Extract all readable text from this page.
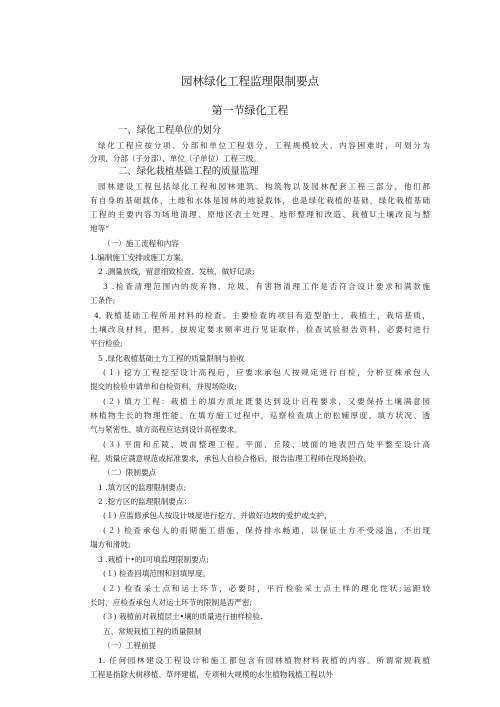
园林绿化工程监理限制要点
第一节绿化工程
一、绿化工程单位的划分
绿化工程应按分项、分部和单位工程划分，工程规模较大、内容困难时，可划分为
分项、分部（子分部）、单位（子单位）工程三级。
二、绿化栽植基础工程的质量监理
园林建设工程包括绿化工程和园林建筑、构筑物以及园林配套工程三部分，他们都
有自身的基础载体，土地和水体是园林的地貌载体，也是绿化栽植的基础，绿化栽植基础
工程的主要内容为场地清理、原地区表土处理、地形整理和改造、栽植U土壤改良与整
地等“
（一）施工流程和内容
1.编制施工安排或施工方案。
2 .测量放线，留意细致检查、发核，做好记录;
3 .检查清理范围内的废弃物、垃圾、有害物清理工作是否符合设计要求和满款施
工条件;
4, 栽植基础工程所用材料的检查。主要检查的项目有造型胎土，栽植土，栽培基质，
土壤改良材料，肥料，按规定要求频率进行见证取样，检查试验报告资料，必要时进行
平行检验;
5 .绿化栽植基础土方工程的质量限制与验收
(１) 挖方工程挖至设计高程后，应要求承包人按规定进行自检，分析豆株承包人
提交的检验申请单和自检资料，并现场险收;
(２) 填方工程：栽植土的填方质址既要达到设计启程要求，又要保持土壤满意园
林植物生长的物理性能。在填方施工过程中，巡察检查填上的松辅厚度、填方状况、透
气与紧密性、填方高程应达到设计高程要求。
(３) 平面和丘陵、坡面整理工程。平面、丘陵、坡面的地表凹凸处平整至设计高
程，质量应满意规范或标准要求，承包人自检合格后，报告监理工程师在现场验收。
（二）限制要点
1 .填方区的监理限制要点;
2 .挖方区的监理限制要点：
(１) 应监修承包人按设计坡度进行挖方，并做好边坡的爱护或支护，
(２) 检查承包人的雨期施工措施，保持排水畅通，以保证土方不受浸泡，不出现
塌方和滑坡;
3 .栽植十•的I可填监理限制要点;
(１) 检查回填范围和回填厚度。
(２) 检查采土点和运土环节，必要时，平行检验采土点土样的理化性状;运距较
长时，应检查承包人对运土环节的限制是否严密;
(３) 栽植前对栽植层土•壤的质量进行抽样检验.
五、常规栽植工程的质量限制
（一）工程前提
1. 任何园林建设工程设计和施工都包含有园林植物材料栽植的内容。所谓常规栽植
工程是指除大树移植、草坪建植，专项和大规模的水生植物栽植工程以外
